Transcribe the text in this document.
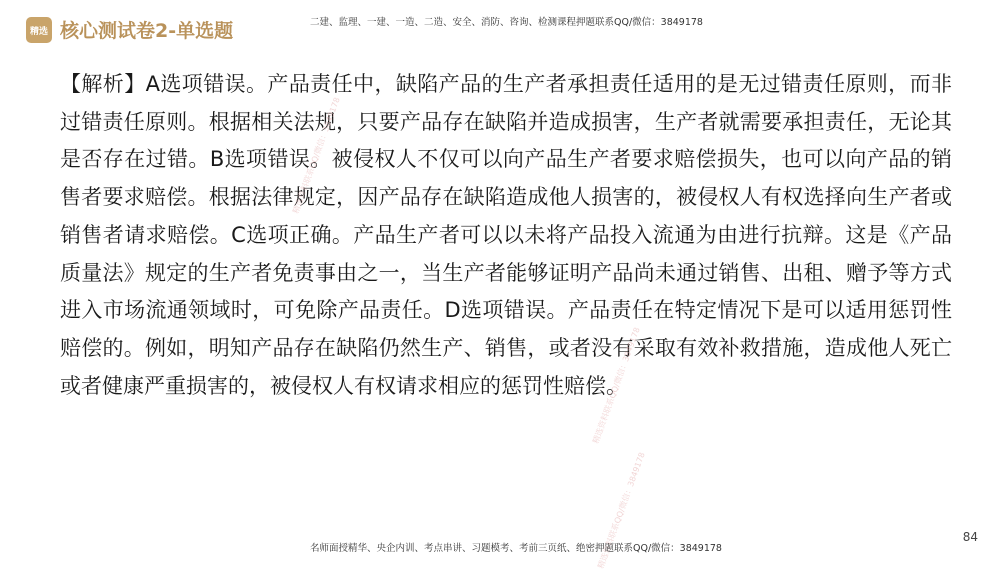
精选 核心测试卷2-单选题	二建、监理、一建、一造、二造、安全、消防、咨询、检测课程押题联系QQ/微信：3849178
【解析】A选项错误。产品责任中，缺陷产品的生产者承担责任适用的是无过错责任原则，而非过错责任原则。根据相关法规，只要产品存在缺陷并造成损害，生产者就需要承担责任，无论其是否存在过错。B选项错误。被侵权人不仅可以向产品生产者要求赔偿损失，也可以向产品的销售者要求赔偿。根据法律规定，因产品存在缺陷造成他人损害的，被侵权人有权选择向生产者或销售者请求赔偿。C选项正确。产品生产者可以以未将产品投入流通为由进行抗辩。这是《产品质量法》规定的生产者免责事由之一，当生产者能够证明产品尚未通过销售、出租、赠予等方式进入市场流通领域时，可免除产品责任。D选项错误。产品责任在特定情况下是可以适用惩罚性赔偿的。例如，明知产品存在缺陷仍然生产、销售，或者没有采取有效补救措施，造成他人死亡或者健康严重损害的，被侵权人有权请求相应的惩罚性赔偿。
精选资料联系QQ/微信：3849178
精选资料联系QQ/微信：3849178
精选资料联系QQ/微信：3849178	84
名师面授精华、央企内训、考点串讲、习题模考、考前三页纸、绝密押题联系QQ/微信：3849178
